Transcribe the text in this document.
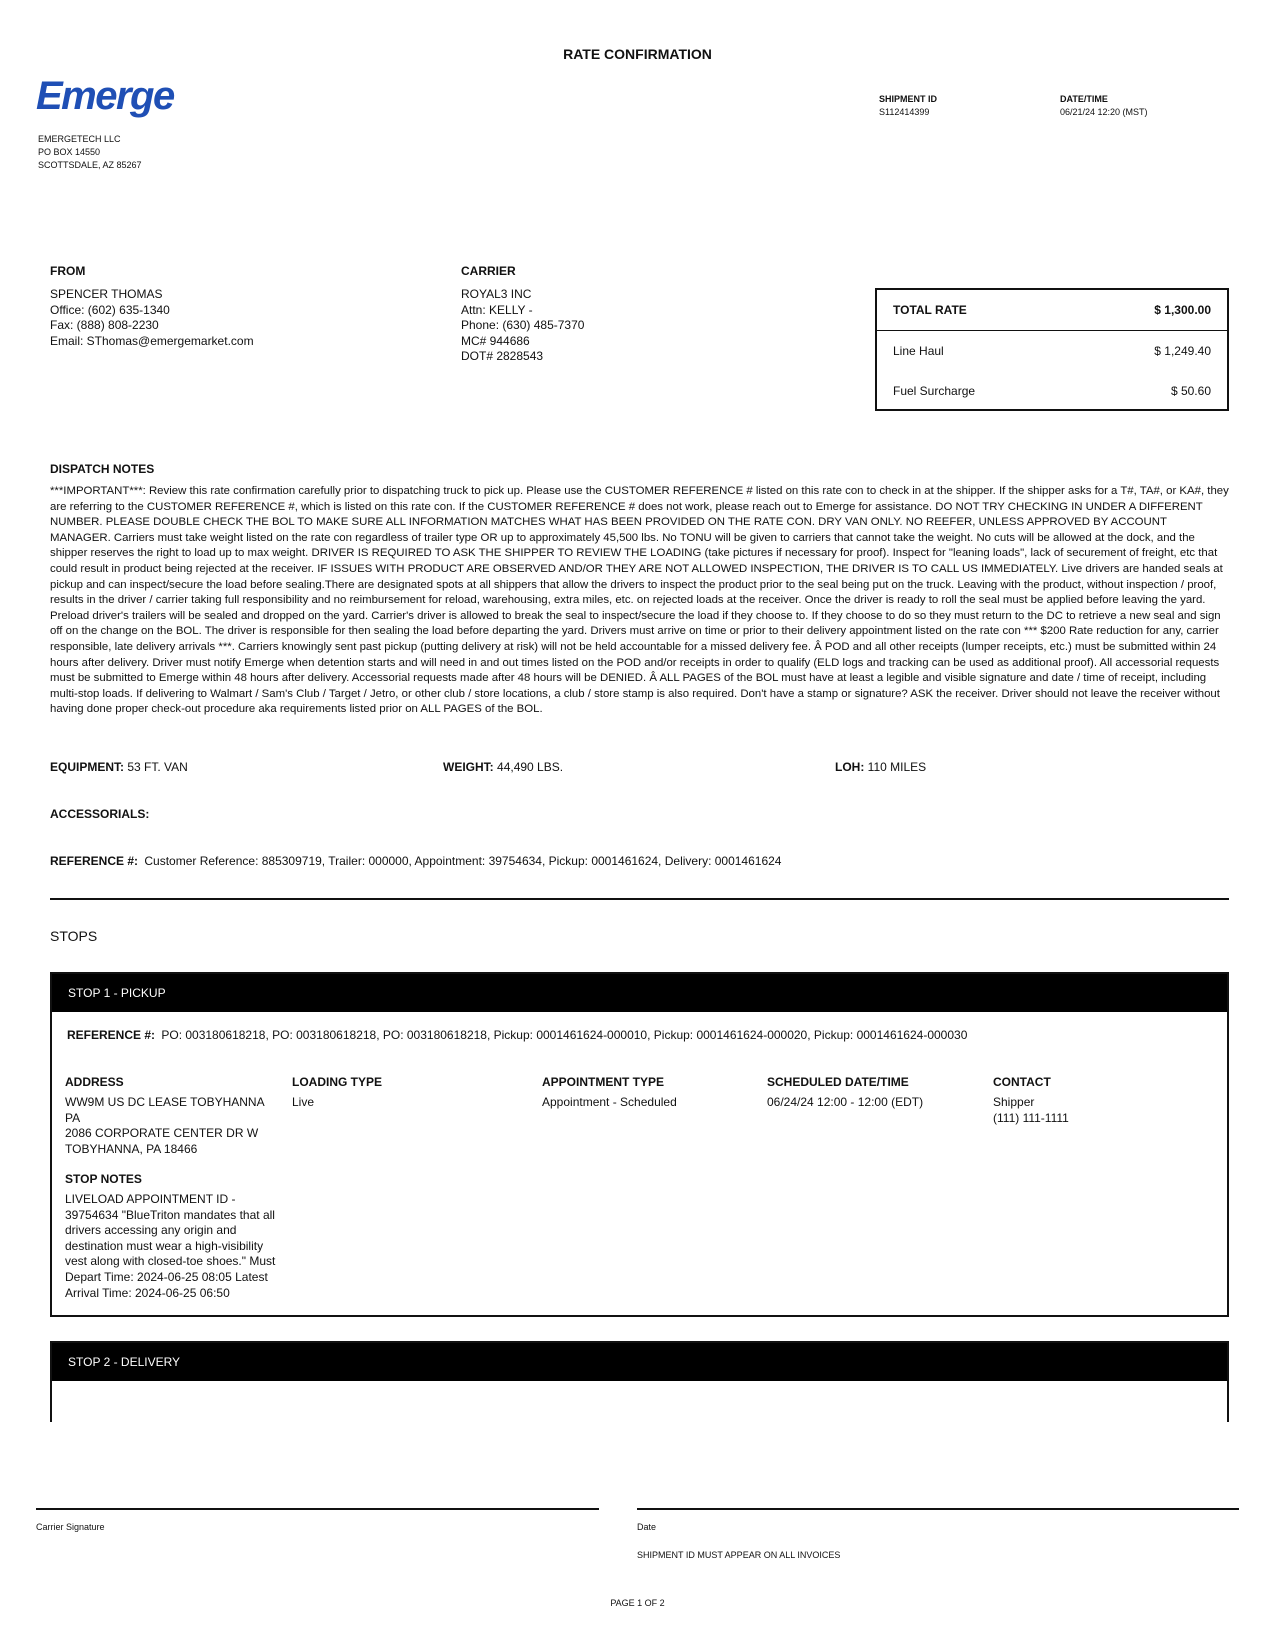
RATE CONFIRMATION
Emerge
EMERGETECH LLC
PO BOX 14550
SCOTTSDALE, AZ 85267
SHIPMENT ID
S112414399
DATE/TIME
06/21/24 12:20 (MST)
FROM
SPENCER THOMAS
Office: (602) 635-1340
Fax: (888) 808-2230
Email: SThomas@emergemarket.com
CARRIER
ROYAL3 INC
Attn: KELLY -
Phone: (630) 485-7370
MC# 944686
DOT# 2828543
TOTAL RATE	$ 1,300.00
Line Haul	$ 1,249.40
Fuel Surcharge	$ 50.60
DISPATCH NOTES
***IMPORTANT***: Review this rate confirmation carefully prior to dispatching truck to pick up. Please use the CUSTOMER REFERENCE # listed on this rate con to check in at the shipper. If the shipper asks for a T#, TA#, or KA#, they are referring to the CUSTOMER REFERENCE #, which is listed on this rate con. If the CUSTOMER REFERENCE # does not work, please reach out to Emerge for assistance. DO NOT TRY CHECKING IN UNDER A DIFFERENT NUMBER. PLEASE DOUBLE CHECK THE BOL TO MAKE SURE ALL INFORMATION MATCHES WHAT HAS BEEN PROVIDED ON THE RATE CON. DRY VAN ONLY. NO REEFER, UNLESS APPROVED BY ACCOUNT MANAGER. Carriers must take weight listed on the rate con regardless of trailer type OR up to approximately 45,500 lbs. No TONU will be given to carriers that cannot take the weight. No cuts will be allowed at the dock, and the shipper reserves the right to load up to max weight. DRIVER IS REQUIRED TO ASK THE SHIPPER TO REVIEW THE LOADING (take pictures if necessary for proof). Inspect for "leaning loads", lack of securement of freight, etc that could result in product being rejected at the receiver. IF ISSUES WITH PRODUCT ARE OBSERVED AND/OR THEY ARE NOT ALLOWED INSPECTION, THE DRIVER IS TO CALL US IMMEDIATELY. Live drivers are handed seals at pickup and can inspect/secure the load before sealing.There are designated spots at all shippers that allow the drivers to inspect the product prior to the seal being put on the truck. Leaving with the product, without inspection / proof, results in the driver / carrier taking full responsibility and no reimbursement for reload, warehousing, extra miles, etc. on rejected loads at the receiver. Once the driver is ready to roll the seal must be applied before leaving the yard. Preload driver's trailers will be sealed and dropped on the yard. Carrier's driver is allowed to break the seal to inspect/secure the load if they choose to. If they choose to do so they must return to the DC to retrieve a new seal and sign off on the change on the BOL. The driver is responsible for then sealing the load before departing the yard. Drivers must arrive on time or prior to their delivery appointment listed on the rate con *** $200 Rate reduction for any, carrier responsible, late delivery arrivals ***. Carriers knowingly sent past pickup (putting delivery at risk) will not be held accountable for a missed delivery fee. Â POD and all other receipts (lumper receipts, etc.) must be submitted within 24 hours after delivery. Driver must notify Emerge when detention starts and will need in and out times listed on the POD and/or receipts in order to qualify (ELD logs and tracking can be used as additional proof). All accessorial requests must be submitted to Emerge within 48 hours after delivery. Accessorial requests made after 48 hours will be DENIED. Â ALL PAGES of the BOL must have at least a legible and visible signature and date / time of receipt, including multi-stop loads. If delivering to Walmart / Sam's Club / Target / Jetro, or other club / store locations, a club / store stamp is also required. Don't have a stamp or signature? ASK the receiver. Driver should not leave the receiver without having done proper check-out procedure aka requirements listed prior on ALL PAGES of the BOL.
EQUIPMENT: 53 FT. VAN	WEIGHT: 44,490 LBS.	LOH: 110 MILES
ACCESSORIALS:
REFERENCE #: Customer Reference: 885309719, Trailer: 000000, Appointment: 39754634, Pickup: 0001461624, Delivery: 0001461624
STOPS
STOP 1 - PICKUP
REFERENCE #: PO: 003180618218, PO: 003180618218, PO: 003180618218, Pickup: 0001461624-000010, Pickup: 0001461624-000020, Pickup: 0001461624-000030
ADDRESS
WW9M US DC LEASE TOBYHANNA
PA
2086 CORPORATE CENTER DR W
TOBYHANNA, PA 18466
LOADING TYPE
Live
APPOINTMENT TYPE
Appointment - Scheduled
SCHEDULED DATE/TIME
06/24/24 12:00 - 12:00 (EDT)
CONTACT
Shipper
(111) 111-1111
STOP NOTES
LIVELOAD APPOINTMENT ID -
39754634 "BlueTriton mandates that all
drivers accessing any origin and
destination must wear a high-visibility
vest along with closed-toe shoes." Must
Depart Time: 2024-06-25 08:05 Latest
Arrival Time: 2024-06-25 06:50
STOP 2 - DELIVERY
Carrier Signature	Date
SHIPMENT ID MUST APPEAR ON ALL INVOICES
PAGE 1 OF 2
